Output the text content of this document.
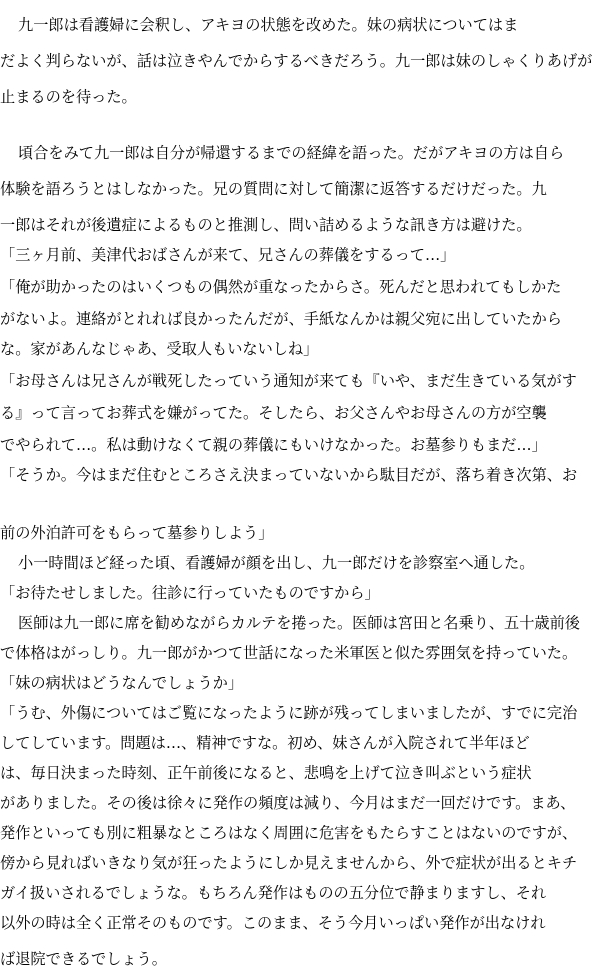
九一郎は看護婦に会釈し、アキヨの状態を改めた。妹の病状についてはま
だよく判らないが、話は泣きやんでからするべきだろう。九一郎は妹のしゃくりあげが
止まるのを待った。
頃合をみて九一郎は自分が帰還するまでの経緯を語った。だがアキヨの方は自ら
体験を語ろうとはしなかった。兄の質問に対して簡潔に返答するだけだった。九
一郎はそれが後遺症によるものと推測し、問い詰めるような訊き方は避けた。
「三ヶ月前、美津代おばさんが来て、兄さんの葬儀をするって…」
「俺が助かったのはいくつもの偶然が重なったからさ。死んだと思われてもしかた
がないよ。連絡がとれれば良かったんだが、手紙なんかは親父宛に出していたから
な。家があんなじゃあ、受取人もいないしね」
「お母さんは兄さんが戦死したっていう通知が来ても『いや、まだ生きている気がす
る』って言ってお葬式を嫌がってた。そしたら、お父さんやお母さんの方が空襲
でやられて…。私は動けなくて親の葬儀にもいけなかった。お墓参りもまだ…」
「そうか。今はまだ住むところさえ決まっていないから駄目だが、落ち着き次第、お
前の外泊許可をもらって墓参りしよう」
小一時間ほど経った頃、看護婦が顔を出し、九一郎だけを診察室へ通した。
「お待たせしました。往診に行っていたものですから」
医師は九一郎に席を勧めながらカルテを捲った。医師は宮田と名乗り、五十歳前後
で体格はがっしり。九一郎がかつて世話になった米軍医と似た雰囲気を持っていた。
「妹の病状はどうなんでしょうか」
「うむ、外傷についてはご覧になったように跡が残ってしまいましたが、すでに完治
してしています。問題は…、精神ですな。初め、妹さんが入院されて半年ほど
は、毎日決まった時刻、正午前後になると、悲鳴を上げて泣き叫ぶという症状
がありました。その後は徐々に発作の頻度は減り、今月はまだ一回だけです。まあ、
発作といっても別に粗暴なところはなく周囲に危害をもたらすことはないのですが、
傍から見ればいきなり気が狂ったようにしか見えませんから、外で症状が出るとキチ
ガイ扱いされるでしょうな。もちろん発作はものの五分位で静まりますし、それ
以外の時は全く正常そのものです。このまま、そう今月いっぱい発作が出なけれ
ば退院できるでしょう。
